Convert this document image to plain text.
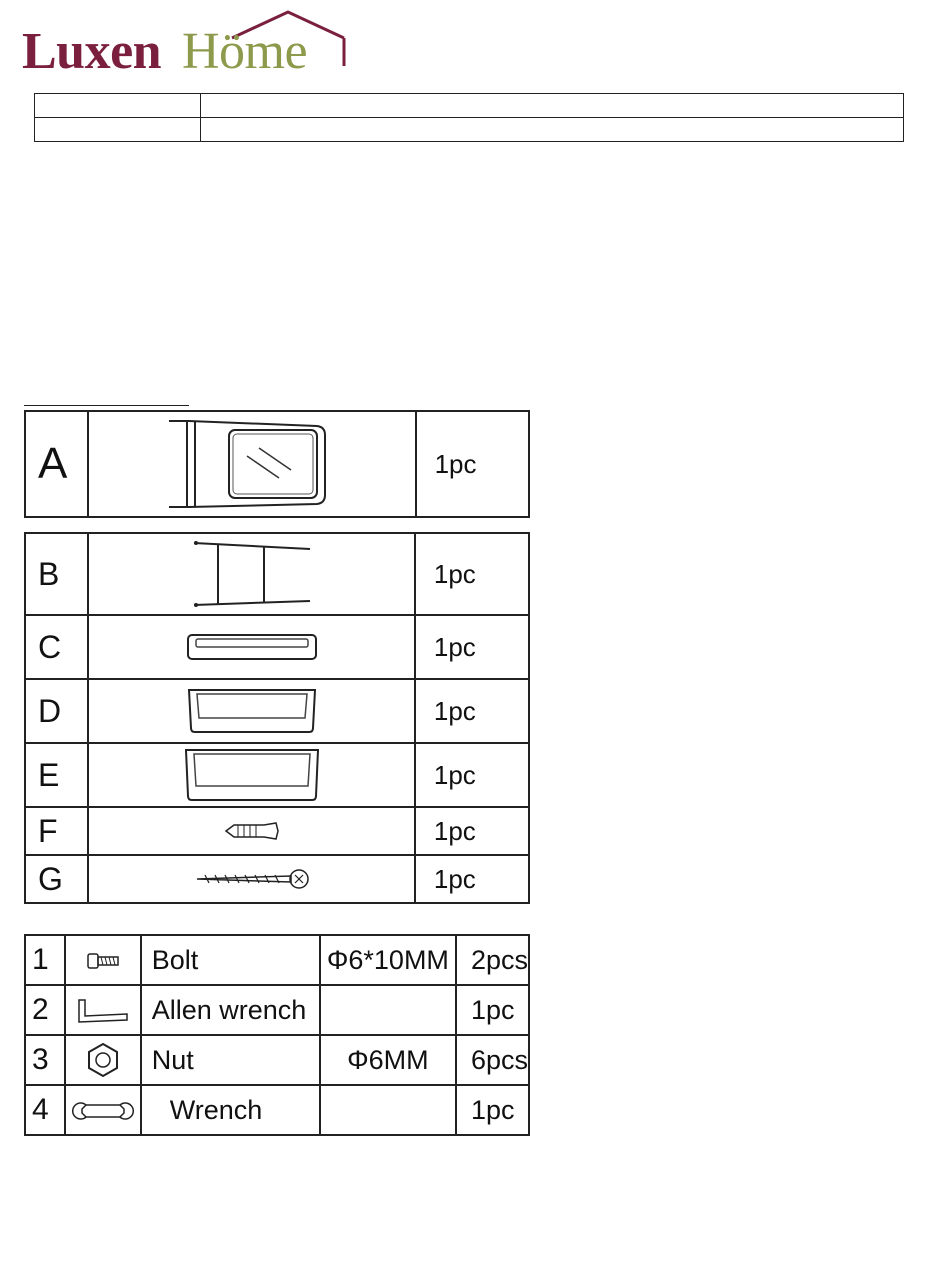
Luxen Höme

A		1pc
B		1pc
C		1pc
D		1pc
E		1pc
F		1pc
G		1pc
1		Bolt	Φ6*10MM	2pcs
2		Allen wrench		1pc
3		Nut	Φ6MM	6pcs
4		Wrench		1pc
